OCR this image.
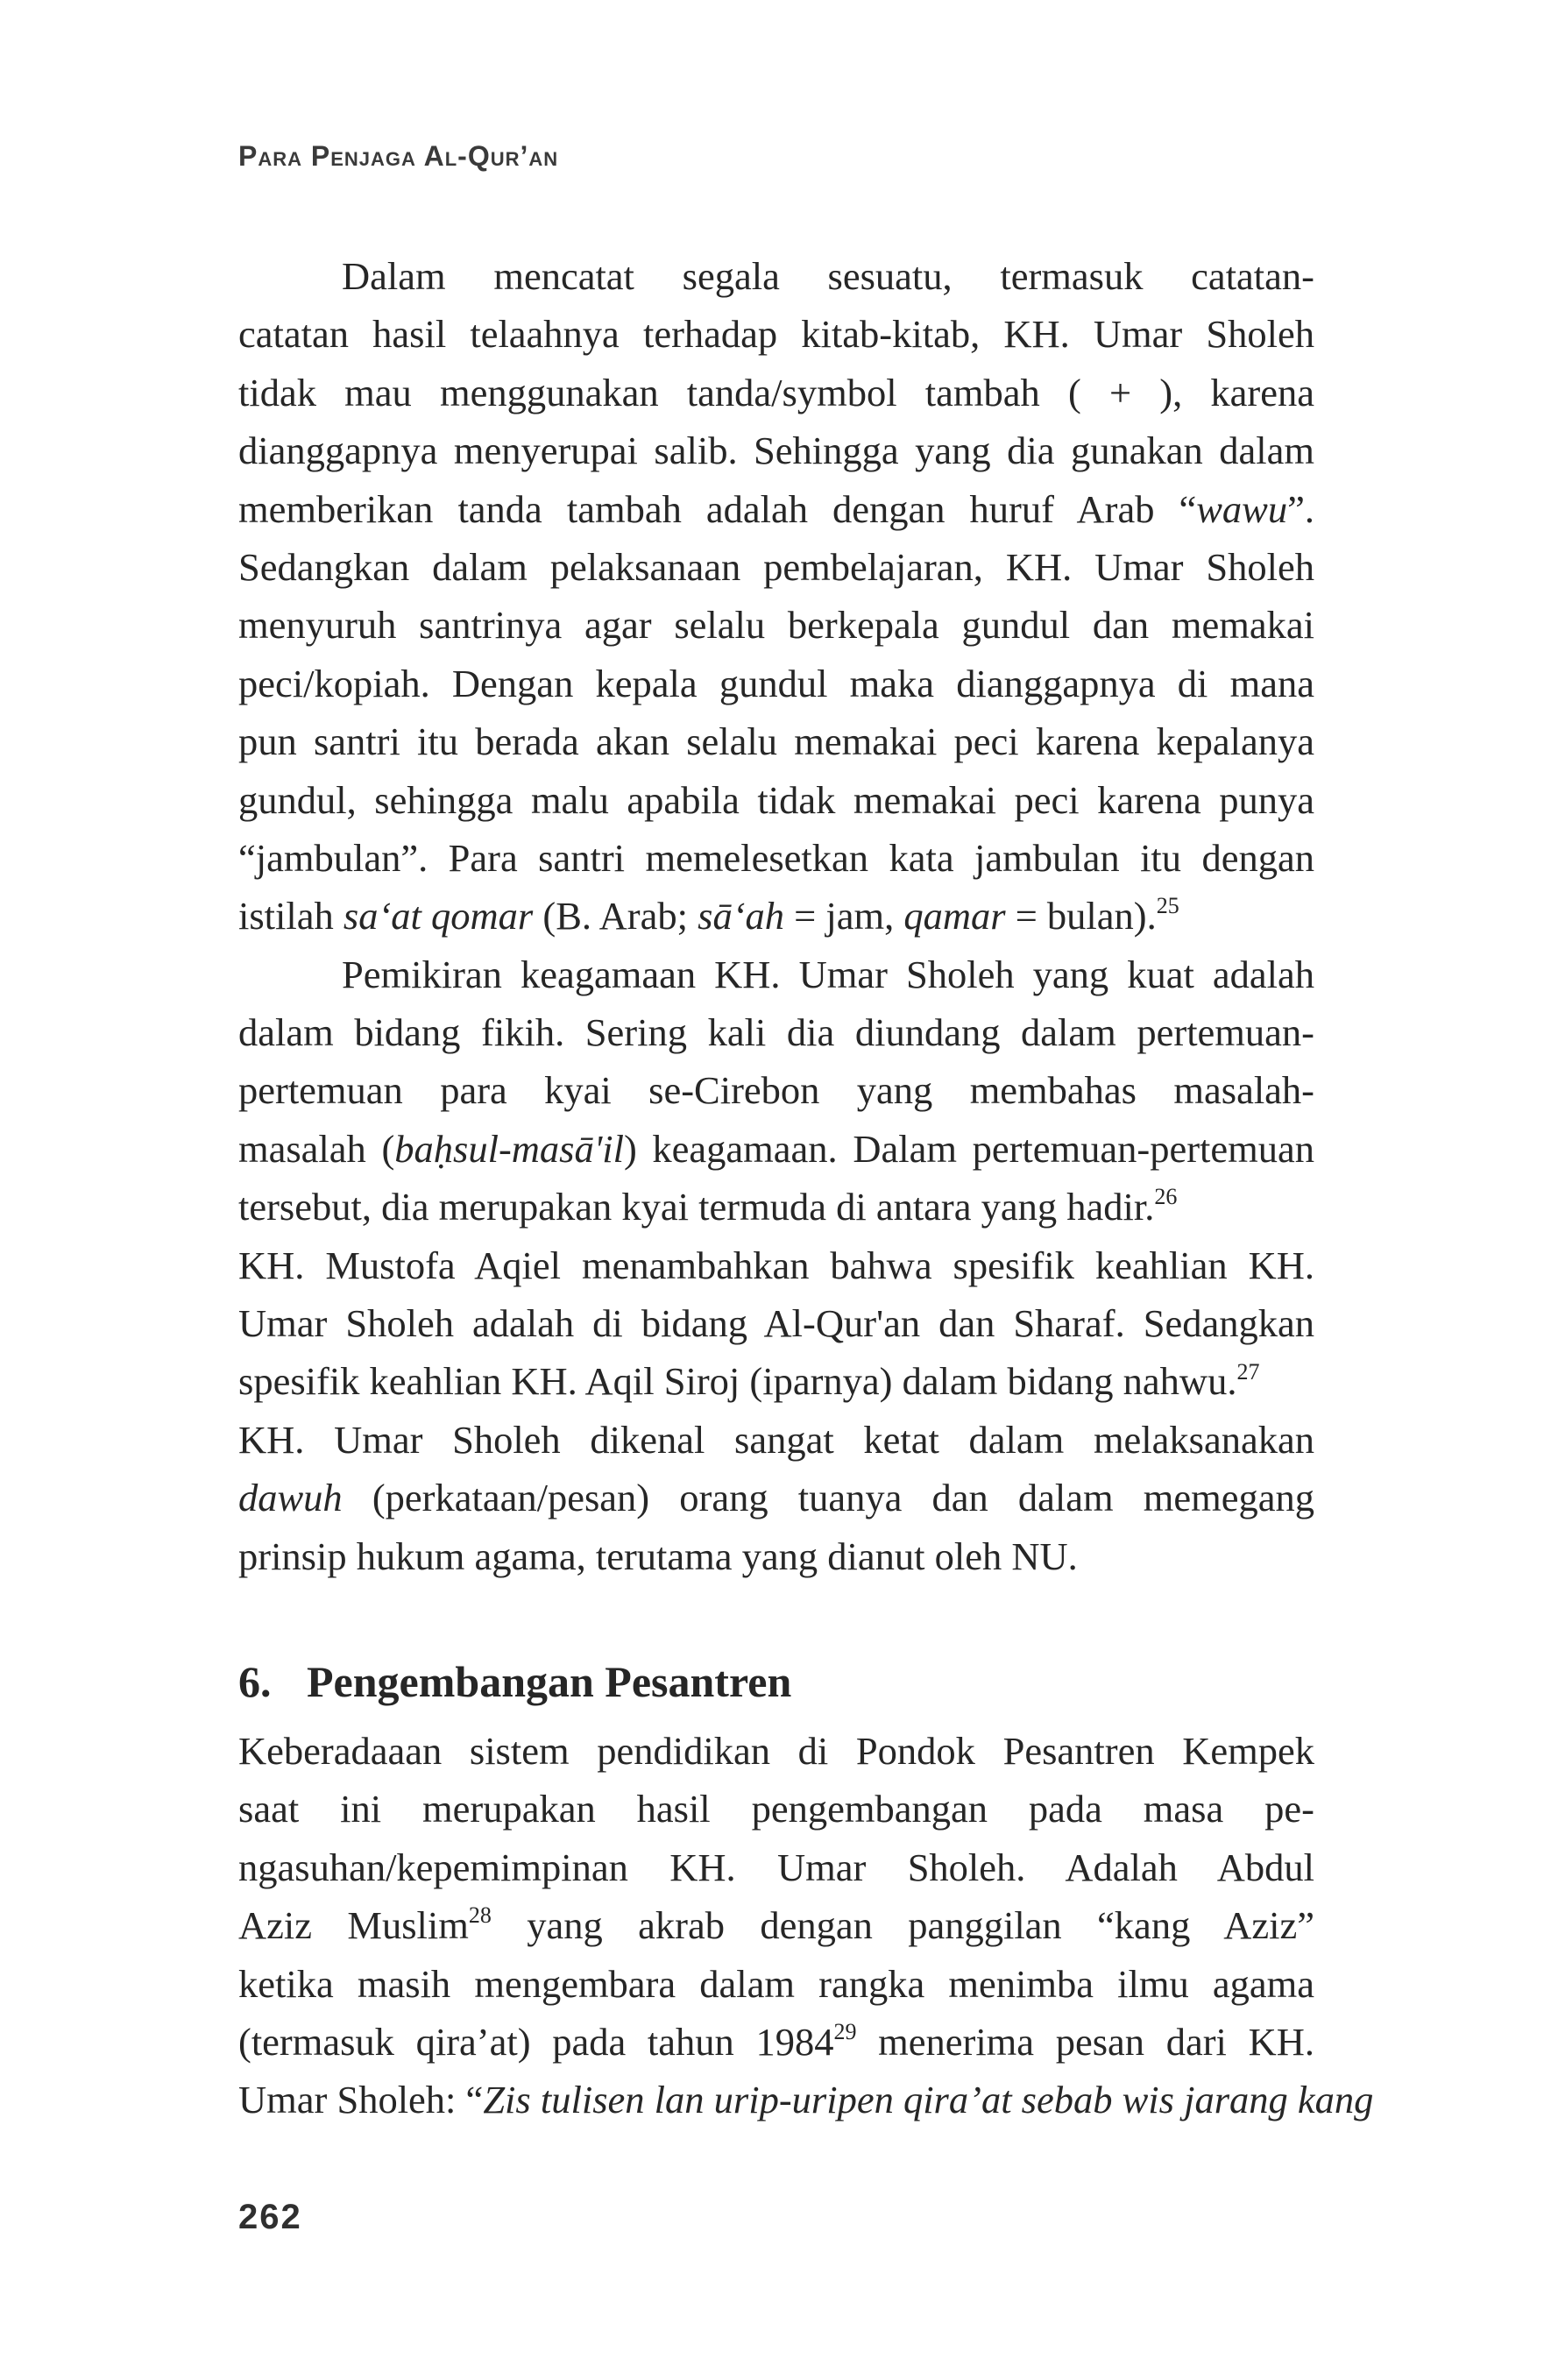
Para Penjaga Al-Qur’an
Dalam mencatat segala sesuatu, termasuk catatan-
catatan hasil telaahnya terhadap kitab-kitab, KH. Umar Sholeh
tidak mau menggunakan tanda/symbol tambah ( + ), karena
dianggapnya menyerupai salib. Sehingga yang dia gunakan dalam
memberikan tanda tambah adalah dengan huruf Arab “wawu”.
Sedangkan dalam pelaksanaan pembelajaran, KH. Umar Sholeh
menyuruh santrinya agar selalu berkepala gundul dan memakai
peci/kopiah. Dengan kepala gundul maka dianggapnya di mana
pun santri itu berada akan selalu memakai peci karena kepalanya
gundul, sehingga malu apabila tidak memakai peci karena punya
“jambulan”. Para santri memelesetkan kata jambulan itu dengan
istilah sa‘at qomar (B. Arab; sā‘ah = jam, qamar = bulan).$^{25}$
Pemikiran keagamaan KH. Umar Sholeh yang kuat adalah
dalam bidang fikih. Sering kali dia diundang dalam pertemuan-
pertemuan para kyai se-Cirebon yang membahas masalah-
masalah (baḥsul-masā'il) keagamaan. Dalam pertemuan-pertemuan
tersebut, dia merupakan kyai termuda di antara yang hadir.$^{26}$
KH. Mustofa Aqiel menambahkan bahwa spesifik keahlian KH.
Umar Sholeh adalah di bidang Al-Qur'an dan Sharaf. Sedangkan
spesifik keahlian KH. Aqil Siroj (iparnya) dalam bidang nahwu.$^{27}$
KH. Umar Sholeh dikenal sangat ketat dalam melaksanakan
dawuh (perkataan/pesan) orang tuanya dan dalam memegang
prinsip hukum agama, terutama yang dianut oleh NU.
6. Pengembangan Pesantren
Keberadaaan sistem pendidikan di Pondok Pesantren Kempek
saat ini merupakan hasil pengembangan pada masa pe-
ngasuhan/kepemimpinan KH. Umar Sholeh. Adalah Abdul
Aziz Muslim$^{28}$ yang akrab dengan panggilan “kang Aziz”
ketika masih mengembara dalam rangka menimba ilmu agama
(termasuk qira’at) pada tahun 1984$^{29}$ menerima pesan dari KH.
Umar Sholeh: “Zis tulisen lan urip-uripen qira’at sebab wis jarang kang
262
